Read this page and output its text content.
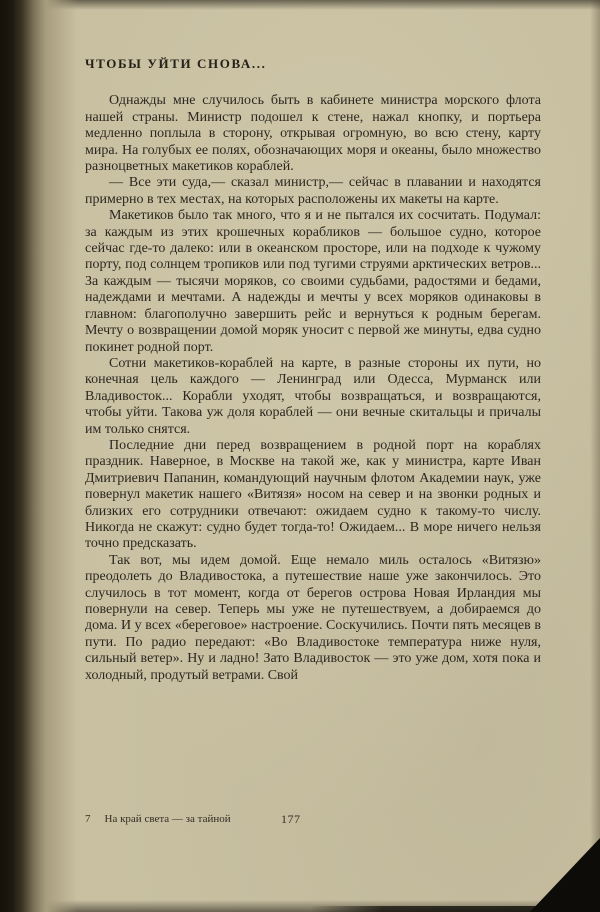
ЧТОБЫ УЙТИ СНОВА...

Однажды мне случилось быть в кабинете министра морского флота нашей страны. Министр подошел к стене, нажал кнопку, и портьера медленно поплыла в сторону, открывая огромную, во всю стену, карту мира. На голубых ее полях, обозначающих моря и океаны, было множество разноцветных макетиков кораблей.

— Все эти суда,— сказал министр,— сейчас в плавании и находятся примерно в тех местах, на которых расположены их макеты на карте.

Макетиков было так много, что я и не пытался их сосчитать. Подумал: за каждым из этих крошечных корабликов — большое судно, которое сейчас где-то далеко: или в океанском просторе, или на подходе к чужому порту, под солнцем тропиков или под тугими струями арктических ветров... За каждым — тысячи моряков, со своими судьбами, радостями и бедами, надеждами и мечтами. А надежды и мечты у всех моряков одинаковы в главном: благополучно завершить рейс и вернуться к родным берегам. Мечту о возвращении домой моряк уносит с первой же минуты, едва судно покинет родной порт.

Сотни макетиков-кораблей на карте, в разные стороны их пути, но конечная цель каждого — Ленинград или Одесса, Мурманск или Владивосток... Корабли уходят, чтобы возвращаться, и возвращаются, чтобы уйти. Такова уж доля кораблей — они вечные скитальцы и причалы им только снятся.

Последние дни перед возвращением в родной порт на кораблях праздник. Наверное, в Москве на такой же, как у министра, карте Иван Дмитриевич Папанин, командующий научным флотом Академии наук, уже повернул макетик нашего «Витязя» носом на север и на звонки родных и близких его сотрудники отвечают: ожидаем судно к такому-то числу. Никогда не скажут: судно будет тогда-то! Ожидаем... В море ничего нельзя точно предсказать.

Так вот, мы идем домой. Еще немало миль осталось «Витязю» преодолеть до Владивостока, а путешествие наше уже закончилось. Это случилось в тот момент, когда от берегов острова Новая Ирландия мы повернули на север. Теперь мы уже не путешествуем, а добираемся до дома. И у всех «береговое» настроение. Соскучились. Почти пять месяцев в пути. По радио передают: «Во Владивостоке температура ниже нуля, сильный ветер». Ну и ладно! Зато Владивосток — это уже дом, хотя пока и холодный, продутый ветрами. Свой

7 На край света — за тайной	177
